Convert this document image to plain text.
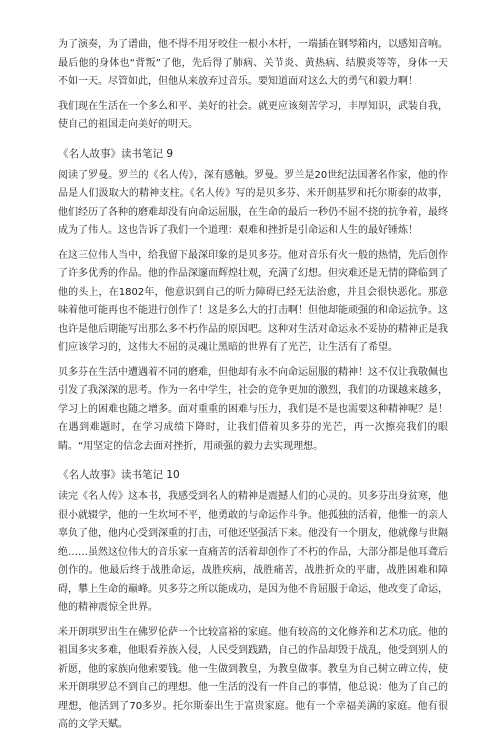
为了演奏，为了谱曲，他不得不用牙咬住一根小木杆，一端插在钢琴箱内，以感知音响。最后他的身体也“背叛”了他，先后得了肺病、关节炎、黄热病、结膜炎等等，身体一天不如一天。尽管如此，但他从来放弃过音乐。要知道面对这么大的勇气和毅力啊！

我们现在生活在一个多么和平、美好的社会。就更应该刻苦学习，丰厚知识，武装自我，使自己的祖国走向美好的明天。

《名人故事》读书笔记 9

阅读了罗曼。罗兰的《名人传》，深有感触。罗曼。罗兰是20世纪法国著名作家，他的作品是人们汲取大的精神支柱。《名人传》写的是贝多芬、米开朗基罗和托尔斯泰的故事，他们经历了各种的磨难却没有向命运屈服，在生命的最后一秒仍不屈不挠的抗争着，最终成为了伟人。这也告诉了我们一个道理：艰难和挫折是引命运和人生的最好锤炼！

在这三位伟人当中，给我留下最深印象的是贝多芬。他对音乐有火一般的热情，先后创作了许多优秀的作品。他的作品深邃而辉煌壮观，充满了幻想。但灾难还是无情的降临到了他的头上，在1802年，他意识到自己的听力障碍已经无法治愈，并且会很快恶化。那意味着他可能再也不能进行创作了！这是多么大的打击啊！但他却能顽强的和命运抗争。这也许是他后期能写出那么多不朽作品的原因吧。这种对生活对命运永不妥协的精神正是我们应该学习的，这伟大不屈的灵魂让黑暗的世界有了光芒，让生活有了希望。

贝多芬在生活中遭遇着不同的磨难，但他却有永不向命运屈服的精神！这不仅让我敬佩也引发了我深深的思考。作为一名中学生，社会的竞争更加的激烈，我们的功课越来越多，学习上的困难也随之增多。面对重重的困难与压力，我们是不是也需要这种精神呢？是！在遇到难题时，在学习成绩下降时，让我们借着贝多芬的光芒，再一次擦亮我们的眼睛。“用坚定的信念去面对挫折，用顽强的毅力去实现理想。

《名人故事》读书笔记 10

读完《名人传》这本书，我感受到名人的精神是震撼人们的心灵的。贝多芬出身贫寒，他很小就辍学，他的一生坎坷不平，他勇敢的与命运作斗争。他孤独的活着，他惟一的亲人辜负了他，他内心受到深重的打击，可他还坚强活下来。他没有一个朋友，他就像与世隔绝……虽然这位伟大的音乐家一直痛苦的活着却创作了不朽的作品，大部分都是他耳聋后创作的。他最后终于战胜命运，战胜疾病，战胜痛苦，战胜折众的平庸，战胜困难和障碍，攀上生命的巅峰。贝多芬之所以能成功，是因为他不肯屈服于命运，他改变了命运，他的精神震惊全世界。

米开朗琪罗出生在佛罗伦萨一个比较富裕的家庭。他有较高的文化修养和艺术功底。他的祖国多灾多难，他眼看养族入侵，人民受到践踏，自己的作品却毁于战乱，他受到别人的祈愿，他的家族向他索要钱。他一生做到教皇，为教皇做事。教皇为自己树立碑立传，使米开朗琪罗总不到自己的理想。他一生活的没有一件自己的事情，他总说：他为了自己的理想，他活到了70多岁。托尔斯泰出生于富贵家庭。他有一个幸福美满的家庭。他有很高的文学天赋。
